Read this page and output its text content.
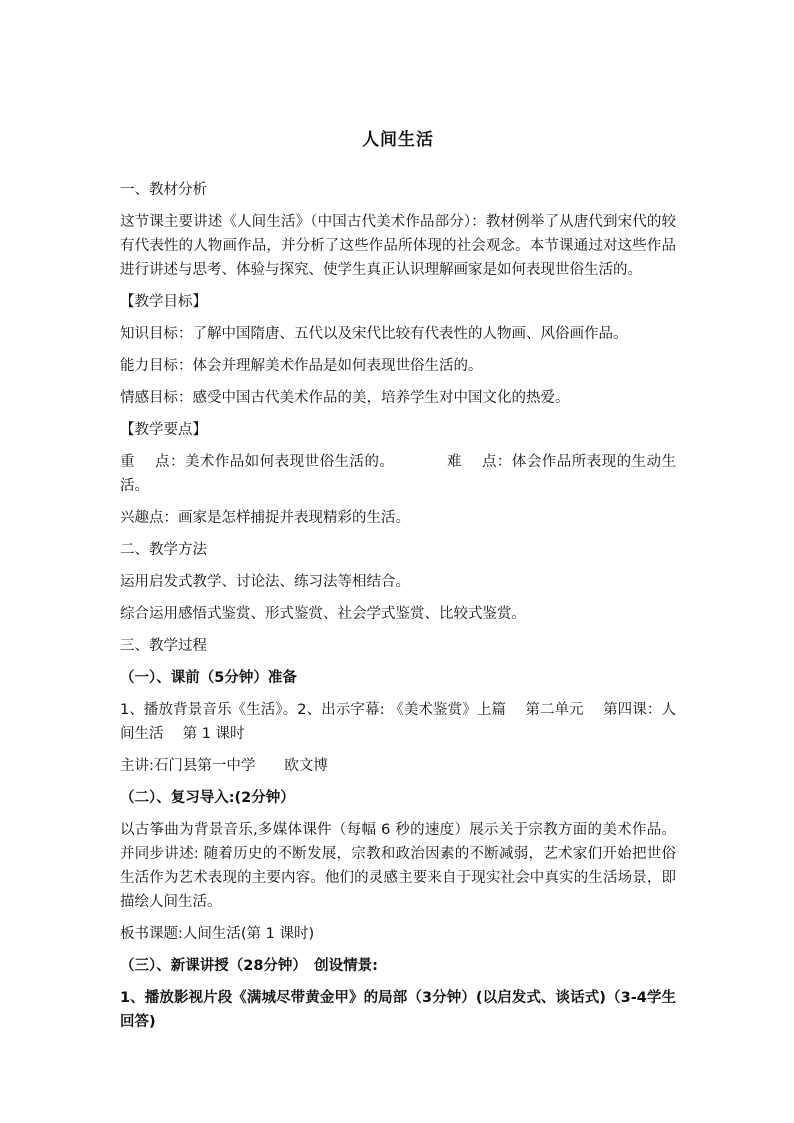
人间生活

一、教材分析

这节课主要讲述《人间生活》（中国古代美术作品部分）：教材例举了从唐代到宋代的较有代表性的人物画作品，并分析了这些作品所体现的社会观念。本节课通过对这些作品进行讲述与思考、体验与探究、使学生真正认识理解画家是如何表现世俗生活的。

【教学目标】

知识目标：了解中国隋唐、五代以及宋代比较有代表性的人物画、风俗画作品。

能力目标：体会并理解美术作品是如何表现世俗生活的。

情感目标：感受中国古代美术作品的美，培养学生对中国文化的热爱。

【教学要点】

重　 点：美术作品如何表现世俗生活的。　　　　难　 点：体会作品所表现的生动生活。

兴趣点：画家是怎样捕捉并表现精彩的生活。

二、教学方法

运用启发式教学、讨论法、练习法等相结合。

综合运用感悟式鉴赏、形式鉴赏、社会学式鉴赏、比较式鉴赏。

三、教学过程

（一）、课前（5分钟）准备

1、播放背景音乐《生活》。2、出示字幕: 《美术鉴赏》上篇　 第二单元　 第四课：人间生活　 第 1 课时

主讲:石门县第一中学　　欧文博

（二）、复习导入:(2分钟）

以古筝曲为背景音乐,多媒体课件（每幅 6 秒的速度）展示关于宗教方面的美术作品。并同步讲述: 随着历史的不断发展，宗教和政治因素的不断减弱，艺术家们开始把世俗生活作为艺术表现的主要内容。他们的灵感主要来自于现实社会中真实的生活场景，即描绘人间生活。

板书课题:人间生活(第 1 课时)

（三）、新课讲授（28分钟）　创设情景:

1、播放影视片段《满城尽带黄金甲》的局部（3分钟）(以启发式、谈话式)（3-4学生回答)
